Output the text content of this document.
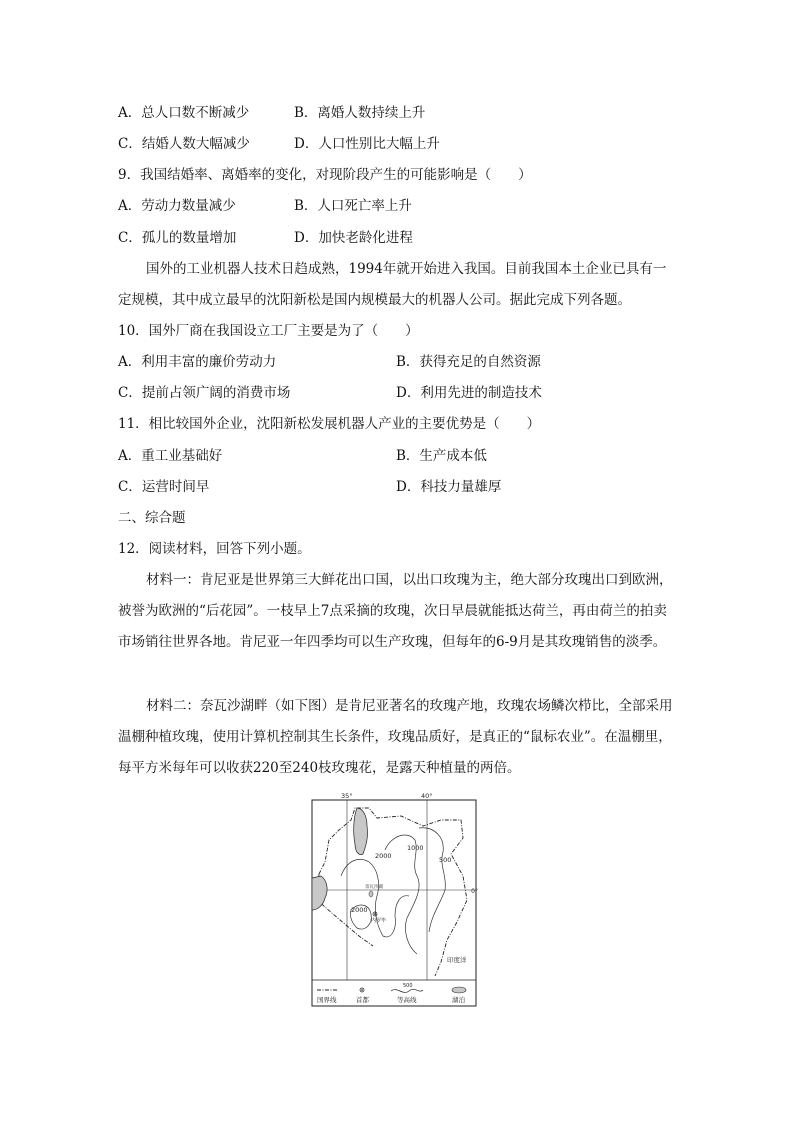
A．总人口数不断减少	B．离婚人数持续上升
C．结婚人数大幅减少	D．人口性别比大幅上升
9．我国结婚率、离婚率的变化，对现阶段产生的可能影响是（　　）
A．劳动力数量减少	B．人口死亡率上升
C．孤儿的数量增加	D．加快老龄化进程
国外的工业机器人技术日趋成熟，1994年就开始进入我国。目前我国本土企业已具有一定规模，其中成立最早的沈阳新松是国内规模最大的机器人公司。据此完成下列各题。
10．国外厂商在我国设立工厂主要是为了（　　）
A．利用丰富的廉价劳动力	B．获得充足的自然资源
C．提前占领广阔的消费市场	D．利用先进的制造技术
11．相比较国外企业，沈阳新松发展机器人产业的主要优势是（　　）
A．重工业基础好	B．生产成本低
C．运营时间早	D．科技力量雄厚
二、综合题
12．阅读材料，回答下列小题。
材料一：肯尼亚是世界第三大鲜花出口国，以出口玫瑰为主，绝大部分玫瑰出口到欧洲，被誉为欧洲的“后花园”。一枝早上7点采摘的玫瑰，次日早晨就能抵达荷兰，再由荷兰的拍卖市场销往世界各地。肯尼亚一年四季均可以生产玫瑰，但每年的6-9月是其玫瑰销售的淡季。
材料二：奈瓦沙湖畔（如下图）是肯尼亚著名的玫瑰产地，玫瑰农场鳞次栉比，全部采用温棚种植玫瑰，使用计算机控制其生长条件，玫瑰品质好，是真正的“鼠标农业”。在温棚里，每平方米每年可以收获220至240枝玫瑰花，是露天种植量的两倍。
35°	40°
0°
2000
1000
500
2000
奈瓦沙湖
内罗毕
印度洋
500
国界线	首都	等高线	湖泊
